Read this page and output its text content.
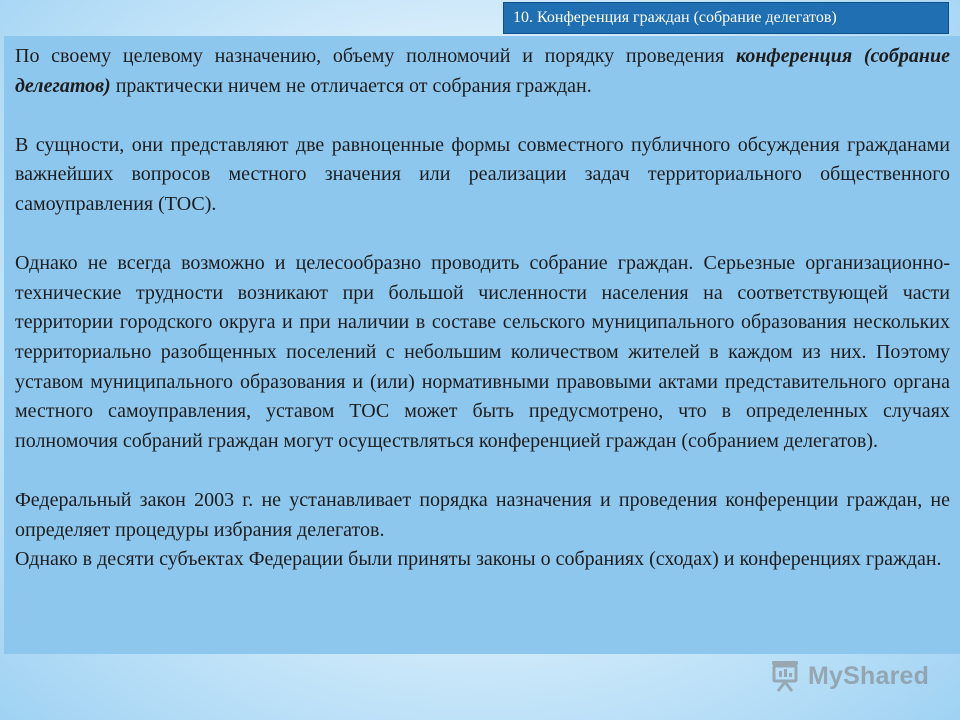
10. Конференция граждан (собрание делегатов)

По своему целевому назначению, объему полномочий и порядку проведения конференция (собрание делегатов) практически ничем не отличается от собрания граждан.

В сущности, они представляют две равноценные формы совместного публичного обсуждения гражданами важнейших вопросов местного значения или реализации задач территориального общественного самоуправления (ТОС).

Однако не всегда возможно и целесообразно проводить собрание граждан. Серьезные организационно-технические трудности возникают при большой численности населения на соответствующей части территории городского округа и при наличии в составе сельского муниципального образования нескольких территориально разобщенных поселений с небольшим количеством жителей в каждом из них. Поэтому уставом муниципального образования и (или) нормативными правовыми актами представительного органа местного самоуправления, уставом ТОС может быть предусмотрено, что в определенных случаях полномочия собраний граждан могут осуществляться конференцией граждан (собранием делегатов).

Федеральный закон 2003 г. не устанавливает порядка назначения и проведения конференции граждан, не определяет процедуры избрания делегатов.

Однако в десяти субъектах Федерации были приняты законы о собраниях (сходах) и конференциях граждан.

MyShared
